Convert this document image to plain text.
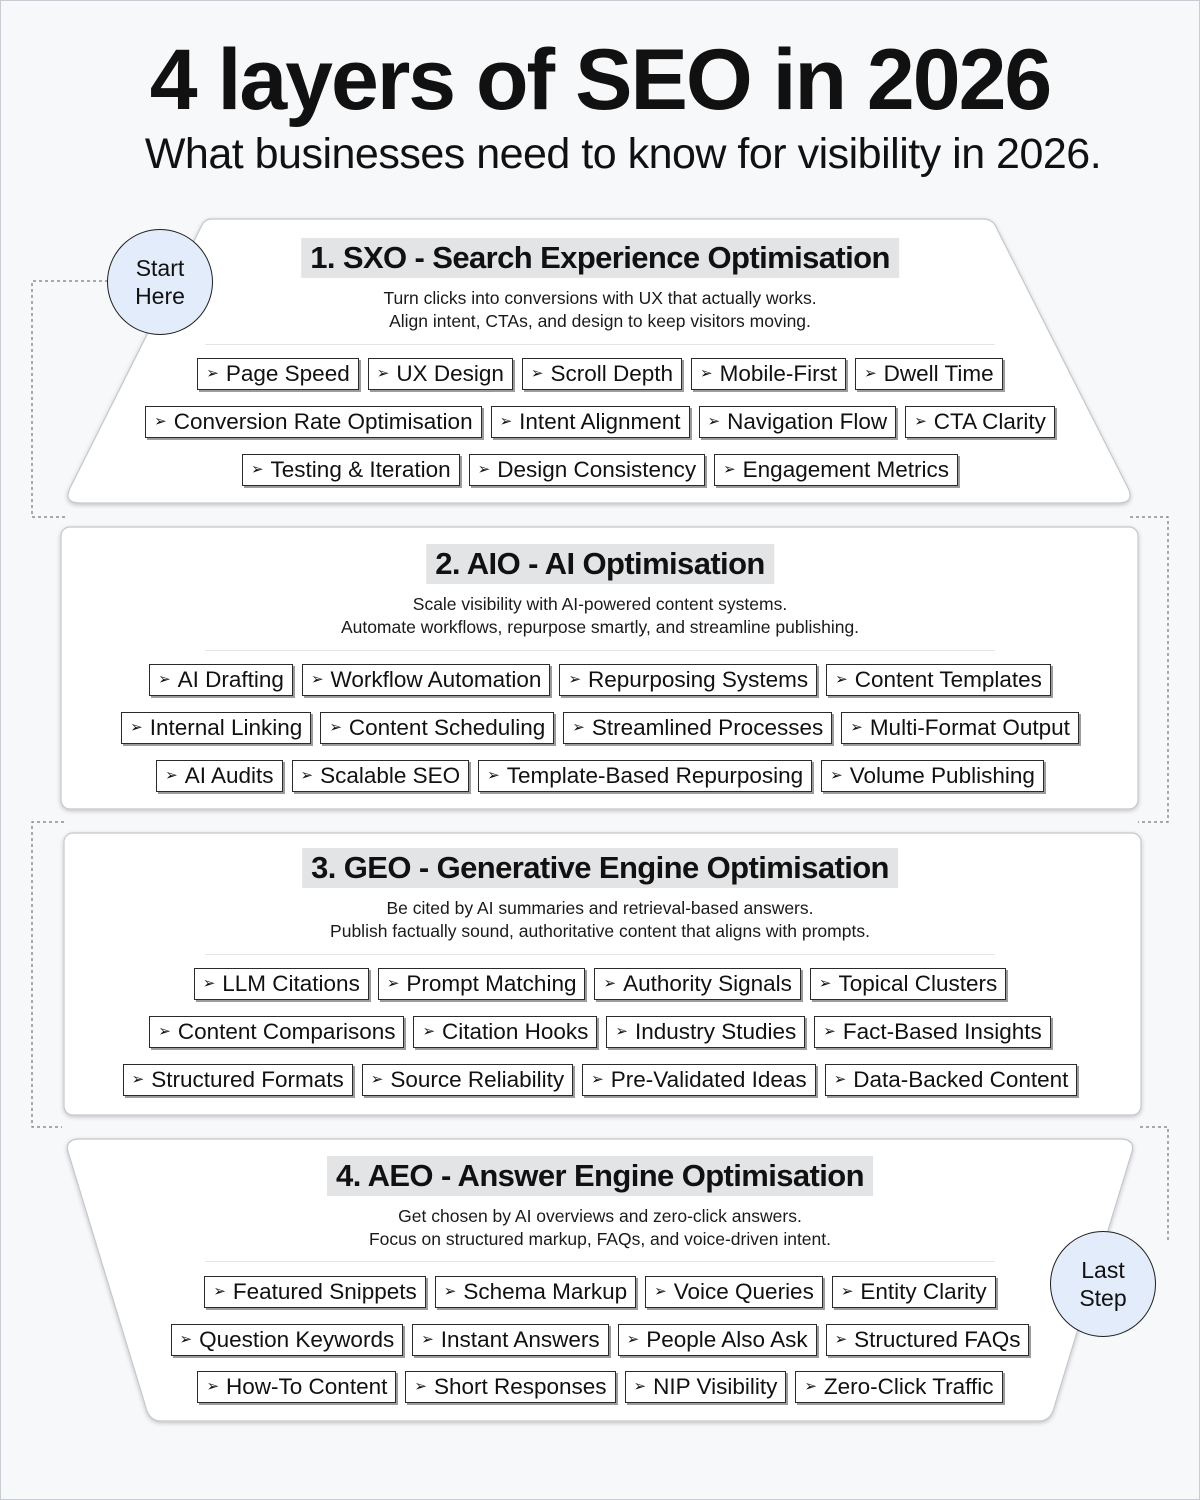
4 layers of SEO in 2026
What businesses need to know for visibility in 2026.
1. SXO - Search Experience Optimisation
Turn clicks into conversions with UX that actually works.
Align intent, CTAs, and design to keep visitors moving.
➢ Page Speed ➢ UX Design ➢ Scroll Depth ➢ Mobile-First ➢ Dwell Time
➢ Conversion Rate Optimisation ➢ Intent Alignment ➢ Navigation Flow ➢ CTA Clarity
➢ Testing & Iteration ➢ Design Consistency ➢ Engagement Metrics
2. AIO - AI Optimisation
Scale visibility with AI-powered content systems.
Automate workflows, repurpose smartly, and streamline publishing.
➢ AI Drafting ➢ Workflow Automation ➢ Repurposing Systems ➢ Content Templates
➢ Internal Linking ➢ Content Scheduling ➢ Streamlined Processes ➢ Multi-Format Output
➢ AI Audits ➢ Scalable SEO ➢ Template-Based Repurposing ➢ Volume Publishing
3. GEO - Generative Engine Optimisation
Be cited by AI summaries and retrieval-based answers.
Publish factually sound, authoritative content that aligns with prompts.
➢ LLM Citations ➢ Prompt Matching ➢ Authority Signals ➢ Topical Clusters
➢ Content Comparisons ➢ Citation Hooks ➢ Industry Studies ➢ Fact-Based Insights
➢ Structured Formats ➢ Source Reliability ➢ Pre-Validated Ideas ➢ Data-Backed Content
4. AEO - Answer Engine Optimisation
Get chosen by AI overviews and zero-click answers.
Focus on structured markup, FAQs, and voice-driven intent.
➢ Featured Snippets ➢ Schema Markup ➢ Voice Queries ➢ Entity Clarity
➢ Question Keywords ➢ Instant Answers ➢ People Also Ask ➢ Structured FAQs
➢ How-To Content ➢ Short Responses ➢ NIP Visibility ➢ Zero-Click Traffic
Start
Here
Last
Step
